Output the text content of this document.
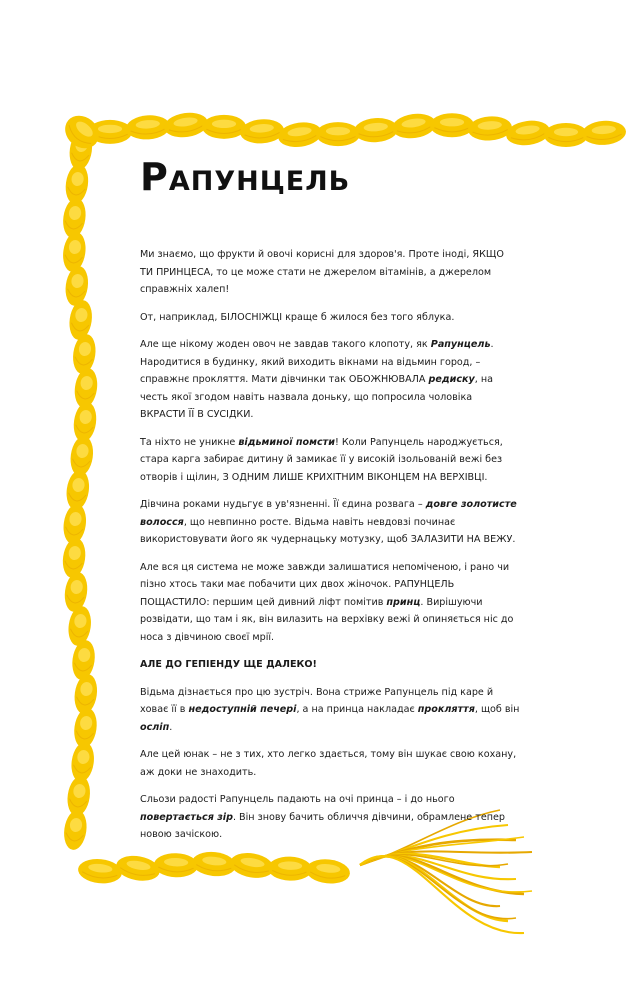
Рапунцель

Ми знаємо, що фрукти й овочі корисні для здоров'я. Проте іноді, ЯКЩО ТИ ПРИНЦЕСА, то це може стати не джерелом вітамінів, а джерелом справжніх халеп!

От, наприклад, БІЛОСНІЖЦІ краще б жилося без того яблука.

Але ще нікому жоден овоч не завдав такого клопоту, як Рапунцель. Народитися в будинку, який виходить вікнами на відьмин город, – справжнє прокляття. Мати дівчинки так ОБОЖНЮВАЛА редиску, на честь якої згодом навіть назвала доньку, що попросила чоловіка ВКРАСТИ ЇЇ В СУСІДКИ.

Та ніхто не уникне відьминої помсти! Коли Рапунцель народжується, стара карга забирає дитину й замикає її у високій ізольованій вежі без отворів і щілин, З ОДНИМ ЛИШЕ КРИХІТНИМ ВІКОНЦЕМ НА ВЕРХІВЦІ.

Дівчина роками нудьгує в ув'язненні. Її єдина розвага – довге золотисте волосся, що невпинно росте. Відьма навіть невдовзі починає використовувати його як чудернацьку мотузку, щоб ЗАЛАЗИТИ НА ВЕЖУ.

Але вся ця система не може завжди залишатися непоміченою, і рано чи пізно хтось таки має побачити цих двох жіночок. РАПУНЦЕЛЬ ПОЩАСТИЛО: першим цей дивний ліфт помітив принц. Вирішуючи розвідати, що там і як, він вилазить на верхівку вежі й опиняється ніс до носа з дівчиною своєї мрії.

АЛЕ ДО ГЕПІЕНДУ ЩЕ ДАЛЕКО!

Відьма дізнається про цю зустріч. Вона стриже Рапунцель під каре й ховає її в недоступній печері, а на принца накладає прокляття, щоб він осліп.

Але цей юнак – не з тих, хто легко здається, тому він шукає свою кохану, аж доки не знаходить.

Сльози радості Рапунцель падають на очі принца – і до нього повертається зір. Він знову бачить обличчя дівчини, обрамлене тепер новою зачіскою.
